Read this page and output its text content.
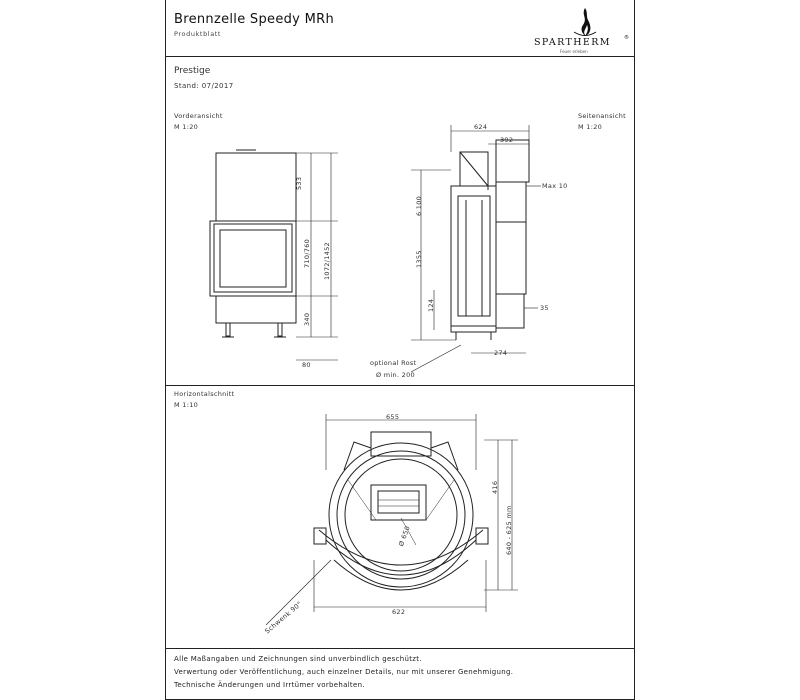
Brennzelle Speedy MRh
Produktblatt
SPARTHERM	®
Feuer erleben
Prestige
Stand: 07/2017
Vorderansicht
M 1:20
Seitenansicht
M 1:20
Horizontalschnitt
M 1:10
Alle Maßangaben und Zeichnungen sind unverbindlich geschützt.
Verwertung oder Veröffentlichung, auch einzelner Details, nur mit unserer Genehmigung.
Technische Änderungen und Irrtümer vorbehalten.
533
710/760 1072/1452
340
80
624
392
Max 10
6 100
1355
124	35
274
optional Rost
Ø min. 200
655
622
416
640 - 625 mm
Ø 650
Schwenk 90°
